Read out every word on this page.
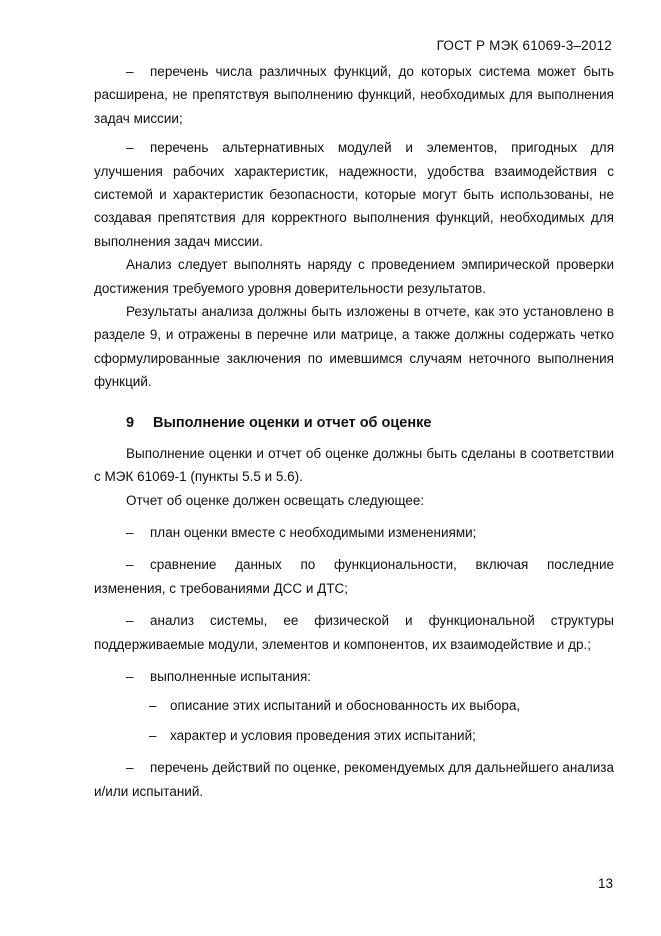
ГОСТ Р МЭК 61069-3–2012

– перечень числа различных функций, до которых система может быть расширена, не препятствуя выполнению функций, необходимых для выполнения задач миссии;

– перечень альтернативных модулей и элементов, пригодных для улучшения рабочих характеристик, надежности, удобства взаимодействия с системой и характеристик безопасности, которые могут быть использованы, не создавая препятствия для корректного выполнения функций, необходимых для выполнения задач миссии.

Анализ следует выполнять наряду с проведением эмпирической проверки достижения требуемого уровня доверительности результатов.

Результаты анализа должны быть изложены в отчете, как это установлено в разделе 9, и отражены в перечне или матрице, а также должны содержать четко сформулированные заключения по имевшимся случаям неточного выполнения функций.

9 Выполнение оценки и отчет об оценке

Выполнение оценки и отчет об оценке должны быть сделаны в соответствии с МЭК 61069-1 (пункты 5.5 и 5.6).

Отчет об оценке должен освещать следующее:

– план оценки вместе с необходимыми изменениями;

– сравнение данных по функциональности, включая последние изменения, с требованиями ДСС и ДТС;

– анализ системы, ее физической и функциональной структуры поддерживаемые модули, элементов и компонентов, их взаимодействие и др.;

– выполненные испытания:

– описание этих испытаний и обоснованность их выбора,

– характер и условия проведения этих испытаний;

– перечень действий по оценке, рекомендуемых для дальнейшего анализа и/или испытаний.

13
